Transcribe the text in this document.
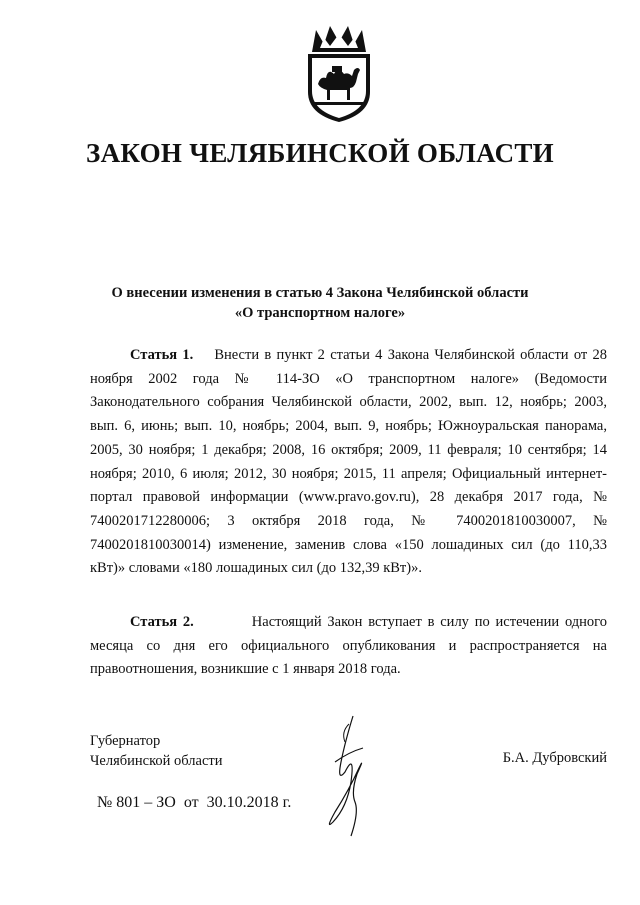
ЗАКОН ЧЕЛЯБИНСКОЙ ОБЛАСТИ
О внесении изменения в статью 4 Закона Челябинской области
«О транспортном налоге»
Статья 1. Внести в пункт 2 статьи 4 Закона Челябинской области от 28 ноября 2002 года № 114-ЗО «О транспортном налоге» (Ведомости Законодательного собрания Челябинской области, 2002, вып. 12, ноябрь; 2003, вып. 6, июнь; вып. 10, ноябрь; 2004, вып. 9, ноябрь; Южноуральская панорама, 2005, 30 ноября; 1 декабря; 2008, 16 октября; 2009, 11 февраля; 10 сентября; 14 ноября; 2010, 6 июля; 2012, 30 ноября; 2015, 11 апреля; Официальный интернет-портал правовой информации (www.pravo.gov.ru), 28 декабря 2017 года, № 7400201712280006; 3 октября 2018 года, № 7400201810030007, № 7400201810030014) изменение, заменив слова «150 лошадиных сил (до 110,33 кВт)» словами «180 лошадиных сил (до 132,39 кВт)».
Статья 2.	Настоящий Закон вступает в силу по истечении одного месяца со дня его официального опубликования и распространяется на правоотношения, возникшие с 1 января 2018 года.
Губернатор
Челябинской области	Б.А. Дубровский
№ 801 – ЗО от 30.10.2018 г.
